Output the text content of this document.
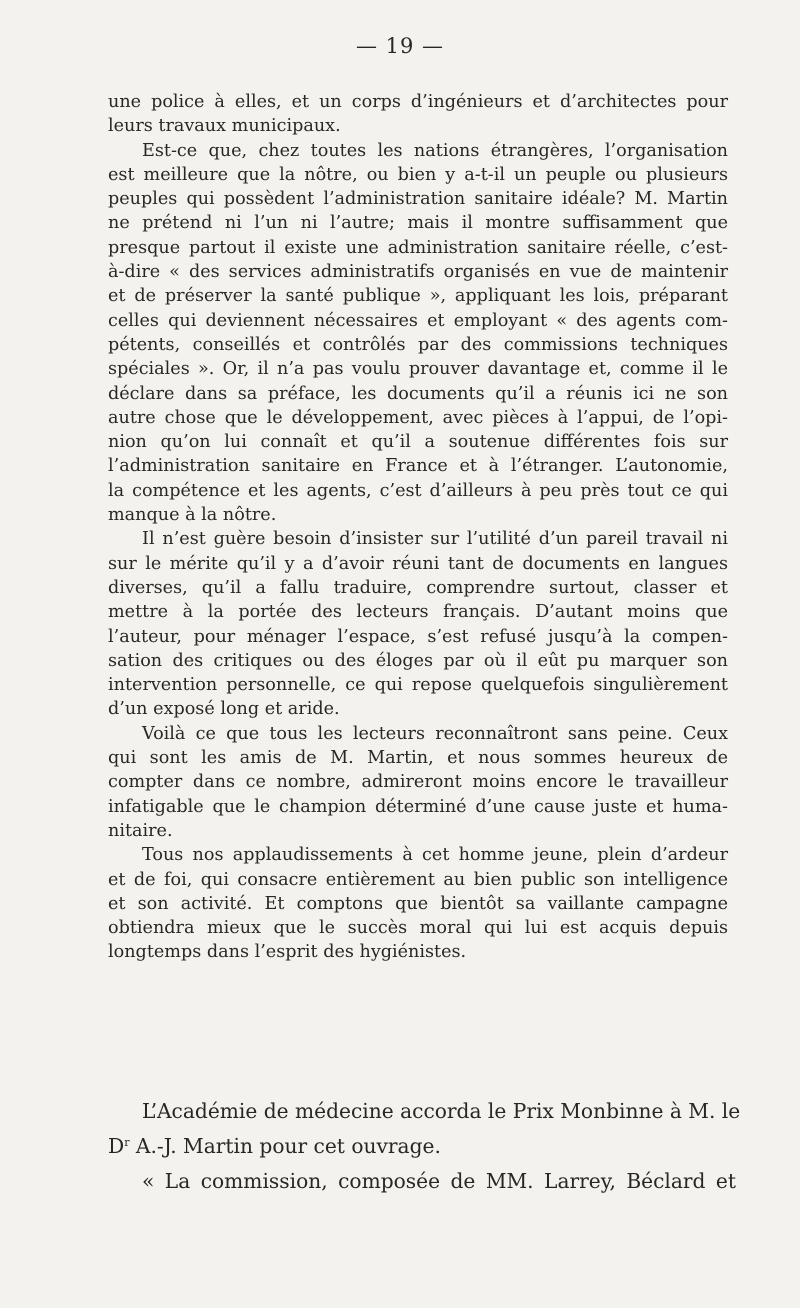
— 19 —
une police à elles, et un corps d’ingénieurs et d’architectes pour
leurs travaux municipaux.
Est-ce que, chez toutes les nations étrangères, l’organisation
est meilleure que la nôtre, ou bien y a-t-il un peuple ou plusieurs
peuples qui possèdent l’administration sanitaire idéale? M. Martin
ne prétend ni l’un ni l’autre; mais il montre suffisamment que
presque partout il existe une administration sanitaire réelle, c’est-
à-dire « des services administratifs organisés en vue de maintenir
et de préserver la santé publique », appliquant les lois, préparant
celles qui deviennent nécessaires et employant « des agents com-
pétents, conseillés et contrôlés par des commissions techniques
spéciales ». Or, il n’a pas voulu prouver davantage et, comme il le
déclare dans sa préface, les documents qu’il a réunis ici ne son
autre chose que le développement, avec pièces à l’appui, de l’opi-
nion qu’on lui connaît et qu’il a soutenue différentes fois sur
l’administration sanitaire en France et à l’étranger. L’autonomie,
la compétence et les agents, c’est d’ailleurs à peu près tout ce qui
manque à la nôtre.
Il n’est guère besoin d’insister sur l’utilité d’un pareil travail ni
sur le mérite qu’il y a d’avoir réuni tant de documents en langues
diverses, qu’il a fallu traduire, comprendre surtout, classer et
mettre à la portée des lecteurs français. D’autant moins que
l’auteur, pour ménager l’espace, s’est refusé jusqu’à la compen-
sation des critiques ou des éloges par où il eût pu marquer son
intervention personnelle, ce qui repose quelquefois singulièrement
d’un exposé long et aride.
Voilà ce que tous les lecteurs reconnaîtront sans peine. Ceux
qui sont les amis de M. Martin, et nous sommes heureux de
compter dans ce nombre, admireront moins encore le travailleur
infatigable que le champion déterminé d’une cause juste et huma-
nitaire.
Tous nos applaudissements à cet homme jeune, plein d’ardeur
et de foi, qui consacre entièrement au bien public son intelligence
et son activité. Et comptons que bientôt sa vaillante campagne
obtiendra mieux que le succès moral qui lui est acquis depuis
longtemps dans l’esprit des hygiénistes.
L’Académie de médecine accorda le Prix Monbinne à M. le
$D^r$ A.-J. Martin pour cet ouvrage.
« La commission, composée de MM. Larrey, Béclard et
